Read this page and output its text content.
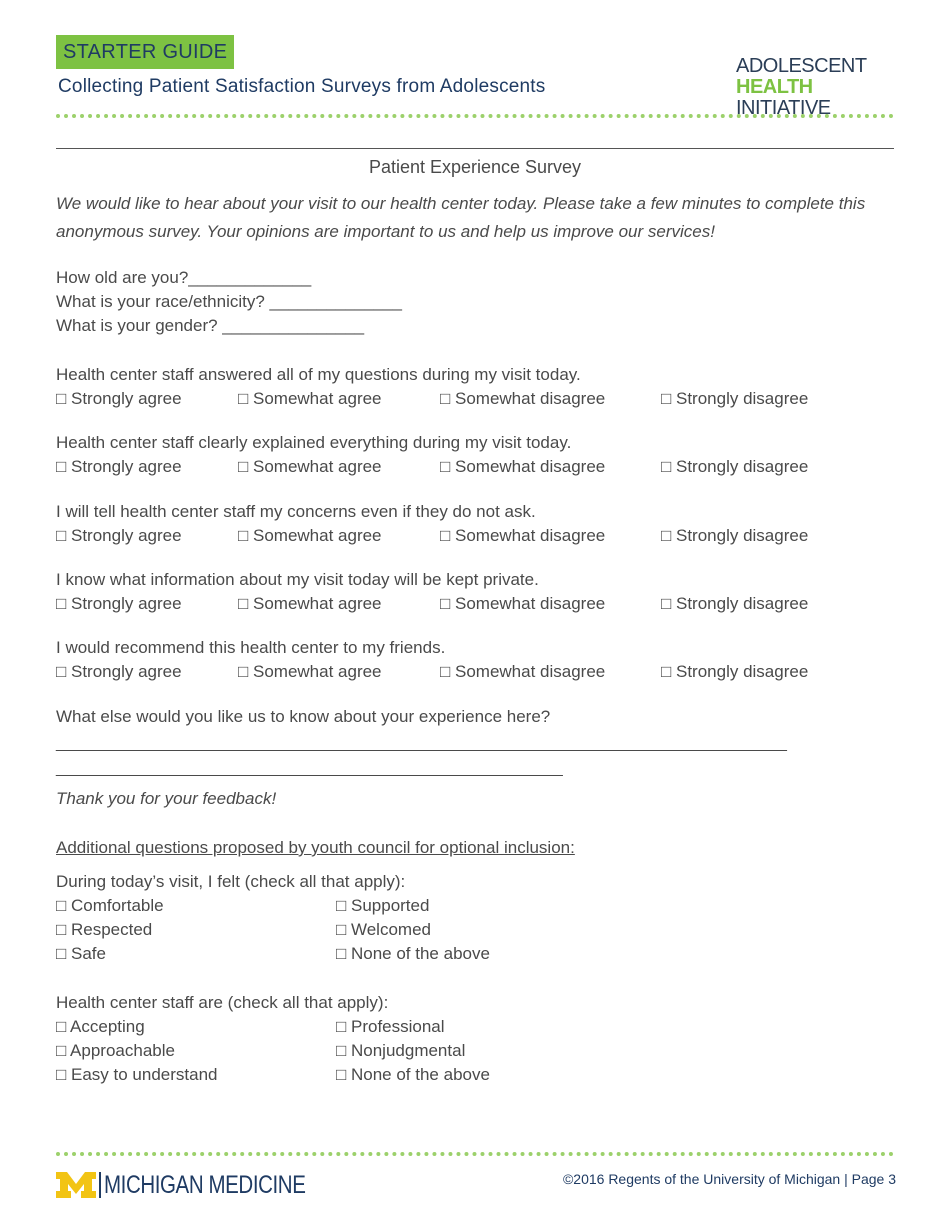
STARTER GUIDE
Collecting Patient Satisfaction Surveys from Adolescents
ADOLESCENT
HEALTH INITIATIVE
Patient Experience Survey
We would like to hear about your visit to our health center today. Please take a few minutes to complete this anonymous survey. Your opinions are important to us and help us improve our services!
How old are you?_____________
What is your race/ethnicity? ______________
What is your gender? _______________
Health center staff answered all of my questions during my visit today.
□ Strongly agree	□ Somewhat agree	□ Somewhat disagree	□ Strongly disagree
Health center staff clearly explained everything during my visit today.
□ Strongly agree	□ Somewhat agree	□ Somewhat disagree	□ Strongly disagree
I will tell health center staff my concerns even if they do not ask.
□ Strongly agree	□ Somewhat agree	□ Somewhat disagree	□ Strongly disagree
I know what information about my visit today will be kept private.
□ Strongly agree	□ Somewhat agree	□ Somewhat disagree	□ Strongly disagree
I would recommend this health center to my friends.
□ Strongly agree	□ Somewhat agree	□ Somewhat disagree	□ Strongly disagree
What else would you like us to know about your experience here?
________________________________________________________________________________________
_____________________________________________________________
Thank you for your feedback!
Additional questions proposed by youth council for optional inclusion:
During today’s visit, I felt (check all that apply):
□ Comfortable
□ Respected
□ Safe
□ Supported
□ Welcomed
□ None of the above
Health center staff are (check all that apply):
□ Accepting
□ Approachable
□ Easy to understand
□ Professional
□ Nonjudgmental
□ None of the above
MICHIGAN MEDICINE	©2016 Regents of the University of Michigan | Page 3
